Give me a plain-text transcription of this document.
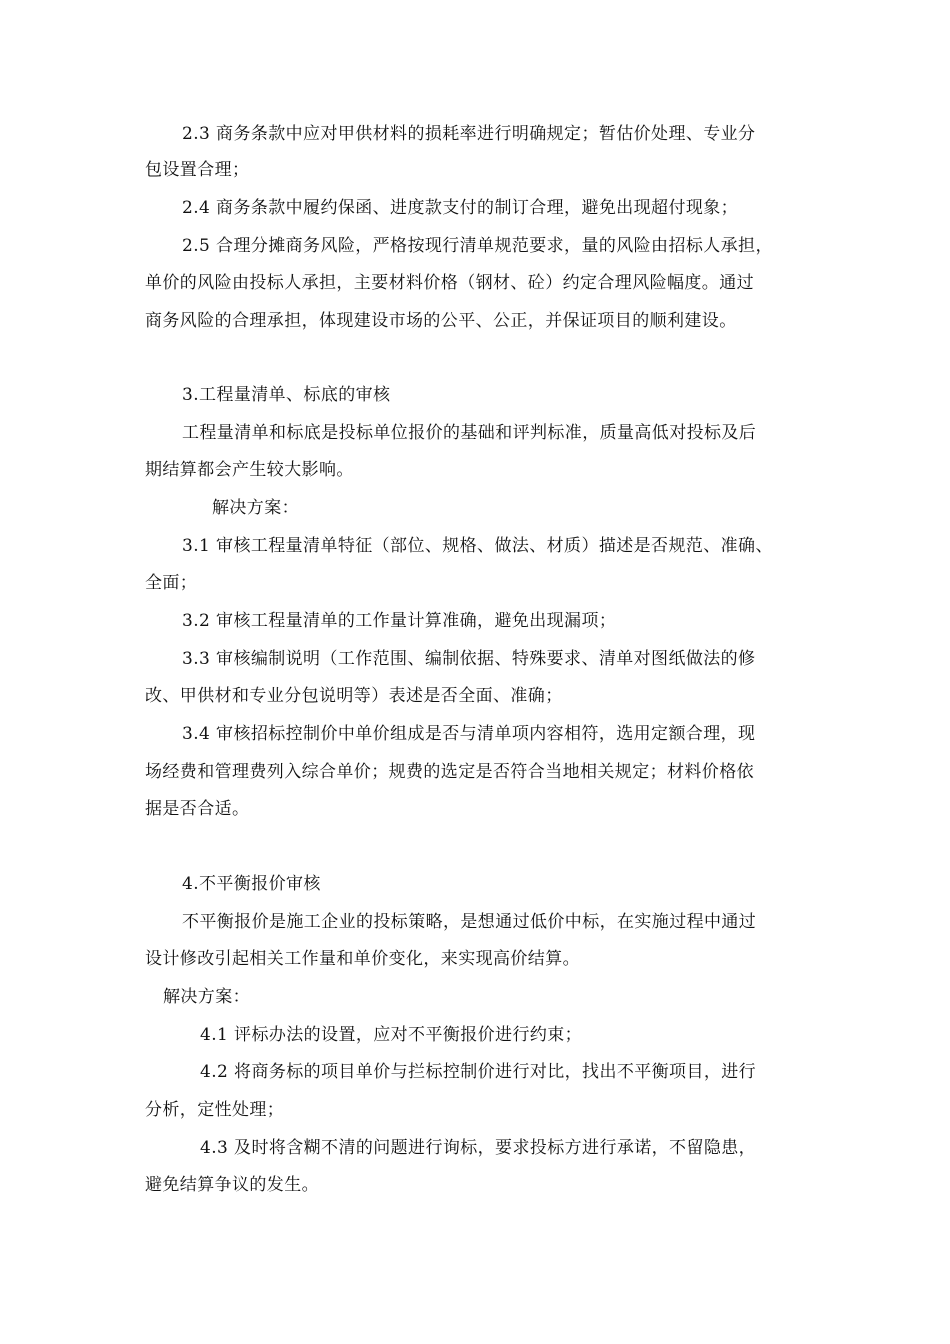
2.3 商务条款中应对甲供材料的损耗率进行明确规定；暂估价处理、专业分
包设置合理；
2.4 商务条款中履约保函、进度款支付的制订合理，避免出现超付现象；
2.5 合理分摊商务风险，严格按现行清单规范要求，量的风险由招标人承担，
单价的风险由投标人承担，主要材料价格（钢材、砼）约定合理风险幅度。通过
商务风险的合理承担，体现建设市场的公平、公正，并保证项目的顺利建设。
3.工程量清单、标底的审核
工程量清单和标底是投标单位报价的基础和评判标准，质量高低对投标及后
期结算都会产生较大影响。
解决方案：
3.1 审核工程量清单特征（部位、规格、做法、材质）描述是否规范、准确、
全面；
3.2 审核工程量清单的工作量计算准确，避免出现漏项；
3.3 审核编制说明（工作范围、编制依据、特殊要求、清单对图纸做法的修
改、甲供材和专业分包说明等）表述是否全面、准确；
3.4 审核招标控制价中单价组成是否与清单项内容相符，选用定额合理，现
场经费和管理费列入综合单价；规费的选定是否符合当地相关规定；材料价格依
据是否合适。
4.不平衡报价审核
不平衡报价是施工企业的投标策略，是想通过低价中标，在实施过程中通过
设计修改引起相关工作量和单价变化，来实现高价结算。
解决方案：
4.1 评标办法的设置，应对不平衡报价进行约束；
4.2 将商务标的项目单价与拦标控制价进行对比，找出不平衡项目，进行
分析，定性处理；
4.3 及时将含糊不清的问题进行询标，要求投标方进行承诺，不留隐患，
避免结算争议的发生。
